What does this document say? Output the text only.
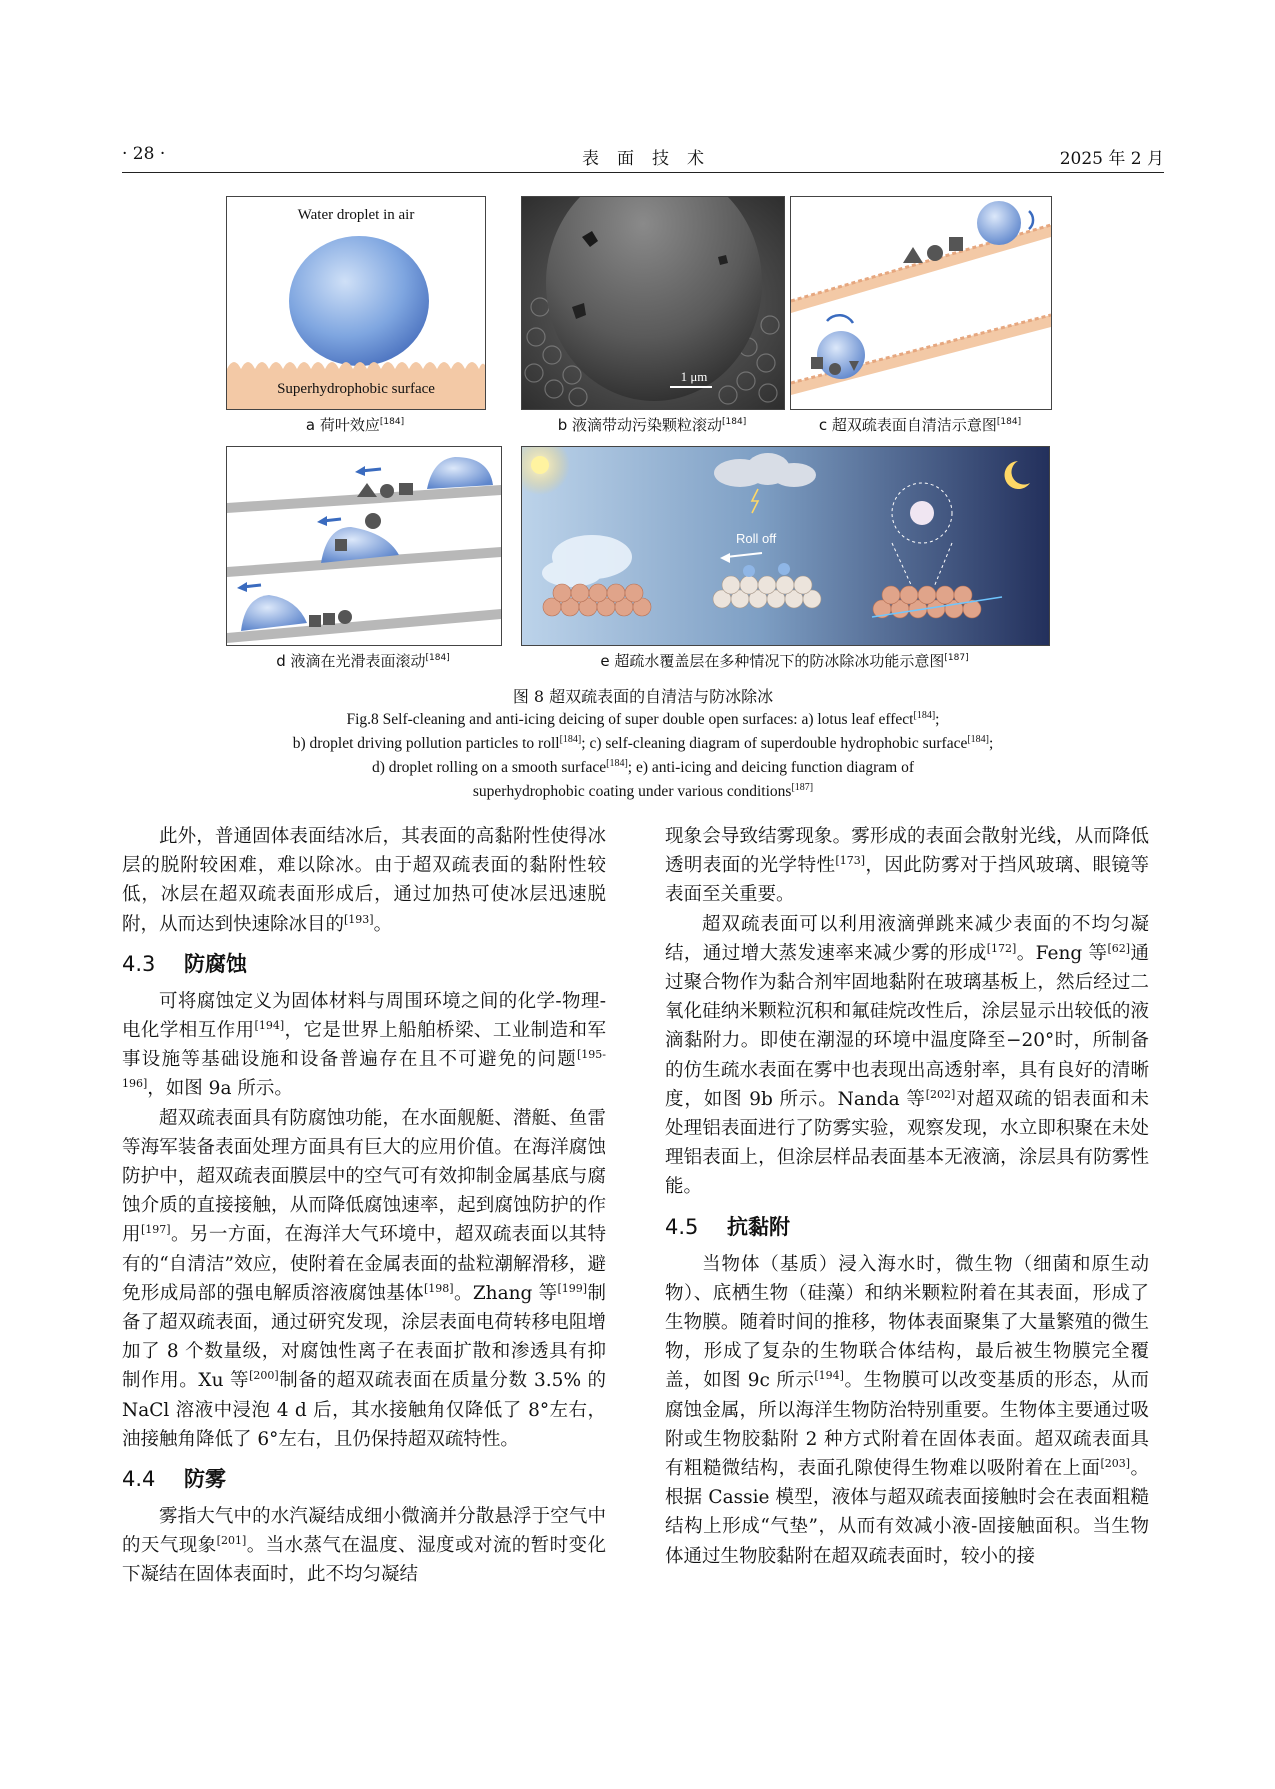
· 28 ·	表面技术	2025 年 2 月
Water droplet in air
Superhydrophobic surface
a 荷叶效应[184]
1 μm
b 液滴带动污染颗粒滚动[184]	c 超双疏表面自清洁示意图[184]
d 液滴在光滑表面滚动[184]
Roll off
e 超疏水覆盖层在多种情况下的防冰除冰功能示意图[187]
图 8 超双疏表面的自清洁与防冰除冰
Fig.8 Self-cleaning and anti-icing deicing of super double open surfaces: a) lotus leaf effect[184];
b) droplet driving pollution particles to roll[184]; c) self-cleaning diagram of superdouble hydrophobic surface[184];
d) droplet rolling on a smooth surface[184]; e) anti-icing and deicing function diagram of
superhydrophobic coating under various conditions[187]

此外，普通固体表面结冰后，其表面的高黏附性使得冰层的脱附较困难，难以除冰。由于超双疏表面的黏附性较低，冰层在超双疏表面形成后，通过加热可使冰层迅速脱附，从而达到快速除冰目的[193]。

4.3 防腐蚀

可将腐蚀定义为固体材料与周围环境之间的化学-物理-电化学相互作用[194]，它是世界上船舶桥梁、工业制造和军事设施等基础设施和设备普遍存在且不可避免的问题[195-196]，如图 9a 所示。

超双疏表面具有防腐蚀功能，在水面舰艇、潜艇、鱼雷等海军装备表面处理方面具有巨大的应用价值。在海洋腐蚀防护中，超双疏表面膜层中的空气可有效抑制金属基底与腐蚀介质的直接接触，从而降低腐蚀速率，起到腐蚀防护的作用[197]。另一方面，在海洋大气环境中，超双疏表面以其特有的“自清洁”效应，使附着在金属表面的盐粒潮解滑移，避免形成局部的强电解质溶液腐蚀基体[198]。Zhang 等[199]制备了超双疏表面，通过研究发现，涂层表面电荷转移电阻增加了 8 个数量级，对腐蚀性离子在表面扩散和渗透具有抑制作用。Xu 等[200]制备的超双疏表面在质量分数 3.5% 的 NaCl 溶液中浸泡 4 d 后，其水接触角仅降低了 8°左右，油接触角降低了 6°左右，且仍保持超双疏特性。

4.4 防雾

雾指大气中的水汽凝结成细小微滴并分散悬浮于空气中的天气现象[201]。当水蒸气在温度、湿度或对流的暂时变化下凝结在固体表面时，此不均匀凝结

现象会导致结雾现象。雾形成的表面会散射光线，从而降低透明表面的光学特性[173]，因此防雾对于挡风玻璃、眼镜等表面至关重要。

超双疏表面可以利用液滴弹跳来减少表面的不均匀凝结，通过增大蒸发速率来减少雾的形成[172]。Feng 等[62]通过聚合物作为黏合剂牢固地黏附在玻璃基板上，然后经过二氧化硅纳米颗粒沉积和氟硅烷改性后，涂层显示出较低的液滴黏附力。即使在潮湿的环境中温度降至−20°时，所制备的仿生疏水表面在雾中也表现出高透射率，具有良好的清晰度，如图 9b 所示。Nanda 等[202]对超双疏的铝表面和未处理铝表面进行了防雾实验，观察发现，水立即积聚在未处理铝表面上，但涂层样品表面基本无液滴，涂层具有防雾性能。

4.5 抗黏附

当物体（基质）浸入海水时，微生物（细菌和原生动物）、底栖生物（硅藻）和纳米颗粒附着在其表面，形成了生物膜。随着时间的推移，物体表面聚集了大量繁殖的微生物，形成了复杂的生物联合体结构，最后被生物膜完全覆盖，如图 9c 所示[194]。生物膜可以改变基质的形态，从而腐蚀金属，所以海洋生物防治特别重要。生物体主要通过吸附或生物胶黏附 2 种方式附着在固体表面。超双疏表面具有粗糙微结构，表面孔隙使得生物难以吸附着在上面[203]。根据 Cassie 模型，液体与超双疏表面接触时会在表面粗糙结构上形成“气垫”，从而有效减小液-固接触面积。当生物体通过生物胶黏附在超双疏表面时，较小的接
